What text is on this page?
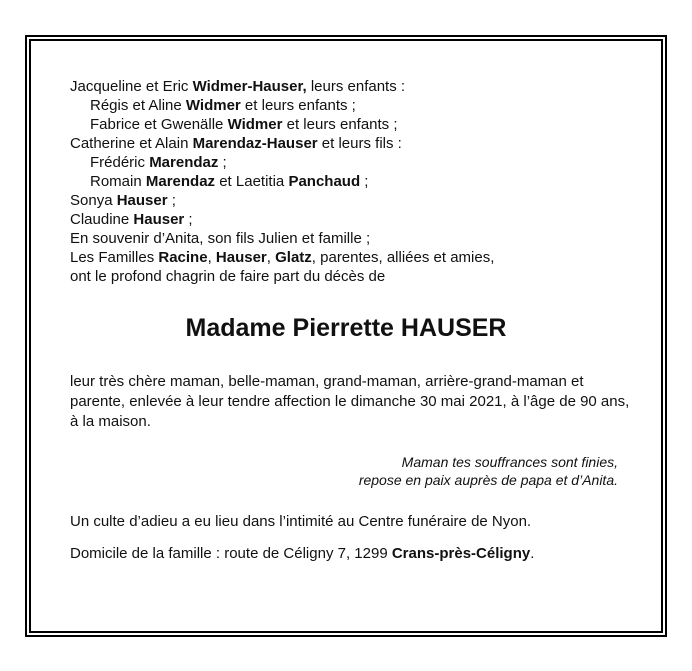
Jacqueline et Eric Widmer-Hauser, leurs enfants :
Régis et Aline Widmer et leurs enfants ;
Fabrice et Gwenälle Widmer et leurs enfants ;
Catherine et Alain Marendaz-Hauser et leurs fils :
Frédéric Marendaz ;
Romain Marendaz et Laetitia Panchaud ;
Sonya Hauser ;
Claudine Hauser ;
En souvenir d’Anita, son fils Julien et famille ;
Les Familles Racine, Hauser, Glatz, parentes, alliées et amies,
ont le profond chagrin de faire part du décès de
Madame Pierrette HAUSER
leur très chère maman, belle-maman, grand-maman, arrière-grand-maman et parente, enlevée à leur tendre affection le dimanche 30 mai 2021, à l’âge de 90 ans, à la maison.
Maman tes souffrances sont finies,
repose en paix auprès de papa et d’Anita.
Un culte d’adieu a eu lieu dans l’intimité au Centre funéraire de Nyon.
Domicile de la famille : route de Céligny 7, 1299 Crans-près-Céligny.
